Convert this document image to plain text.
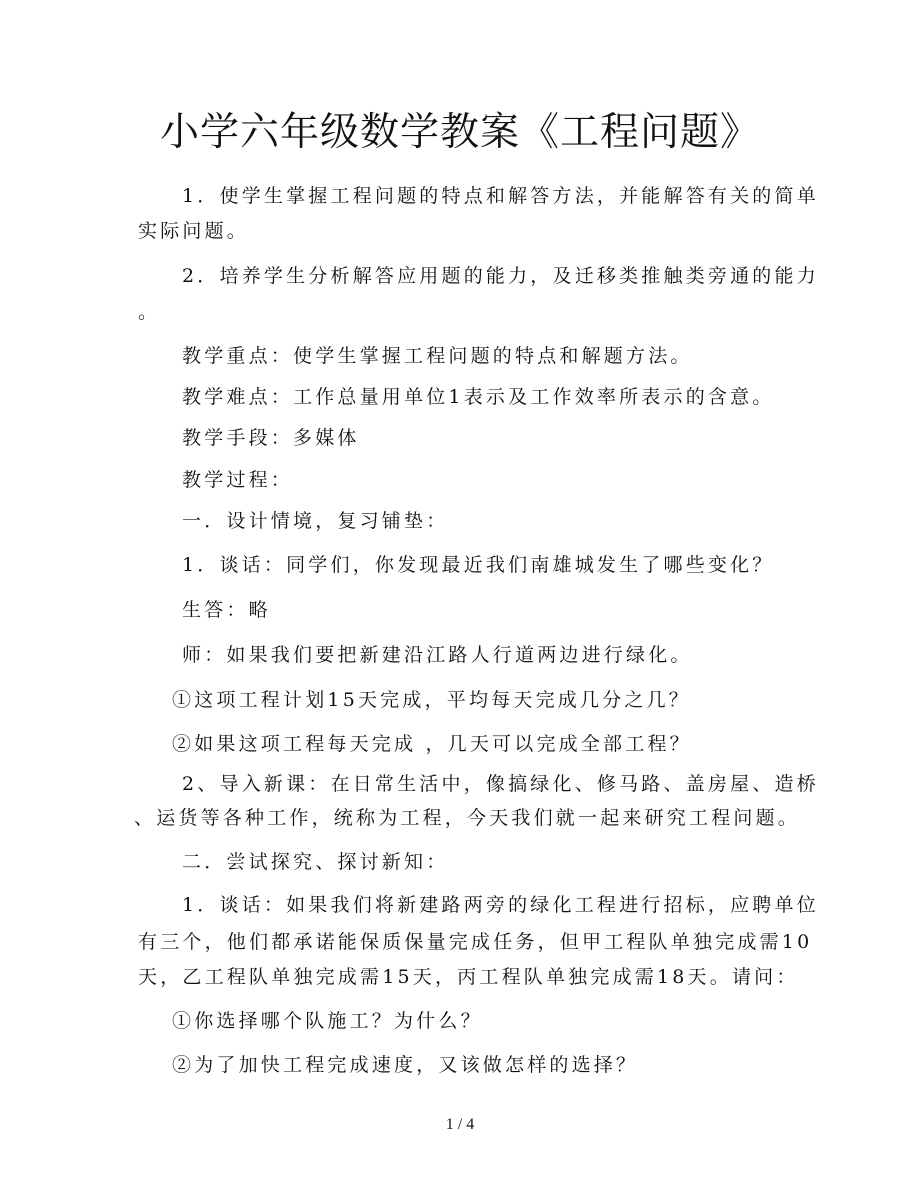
小学六年级数学教案《工程问题》
1．使学生掌握工程问题的特点和解答方法，并能解答有关的简单
实际问题。
2．培养学生分析解答应用题的能力，及迁移类推触类旁通的能力
。
教学重点：使学生掌握工程问题的特点和解题方法。
教学难点：工作总量用单位1表示及工作效率所表示的含意。
教学手段：多媒体
教学过程：
一．设计情境，复习铺垫：
1．谈话：同学们，你发现最近我们南雄城发生了哪些变化？
生答：略
师：如果我们要把新建沿江路人行道两边进行绿化。
①这项工程计划15天完成，平均每天完成几分之几？
②如果这项工程每天完成 ，几天可以完成全部工程？
2、导入新课：在日常生活中，像搞绿化、修马路、盖房屋、造桥
、运货等各种工作，统称为工程，今天我们就一起来研究工程问题。
二．尝试探究、探讨新知：
1．谈话：如果我们将新建路两旁的绿化工程进行招标，应聘单位
有三个，他们都承诺能保质保量完成任务，但甲工程队单独完成需10
天，乙工程队单独完成需15天，丙工程队单独完成需18天。请问：
①你选择哪个队施工？为什么？
②为了加快工程完成速度，又该做怎样的选择？
1 / 4
